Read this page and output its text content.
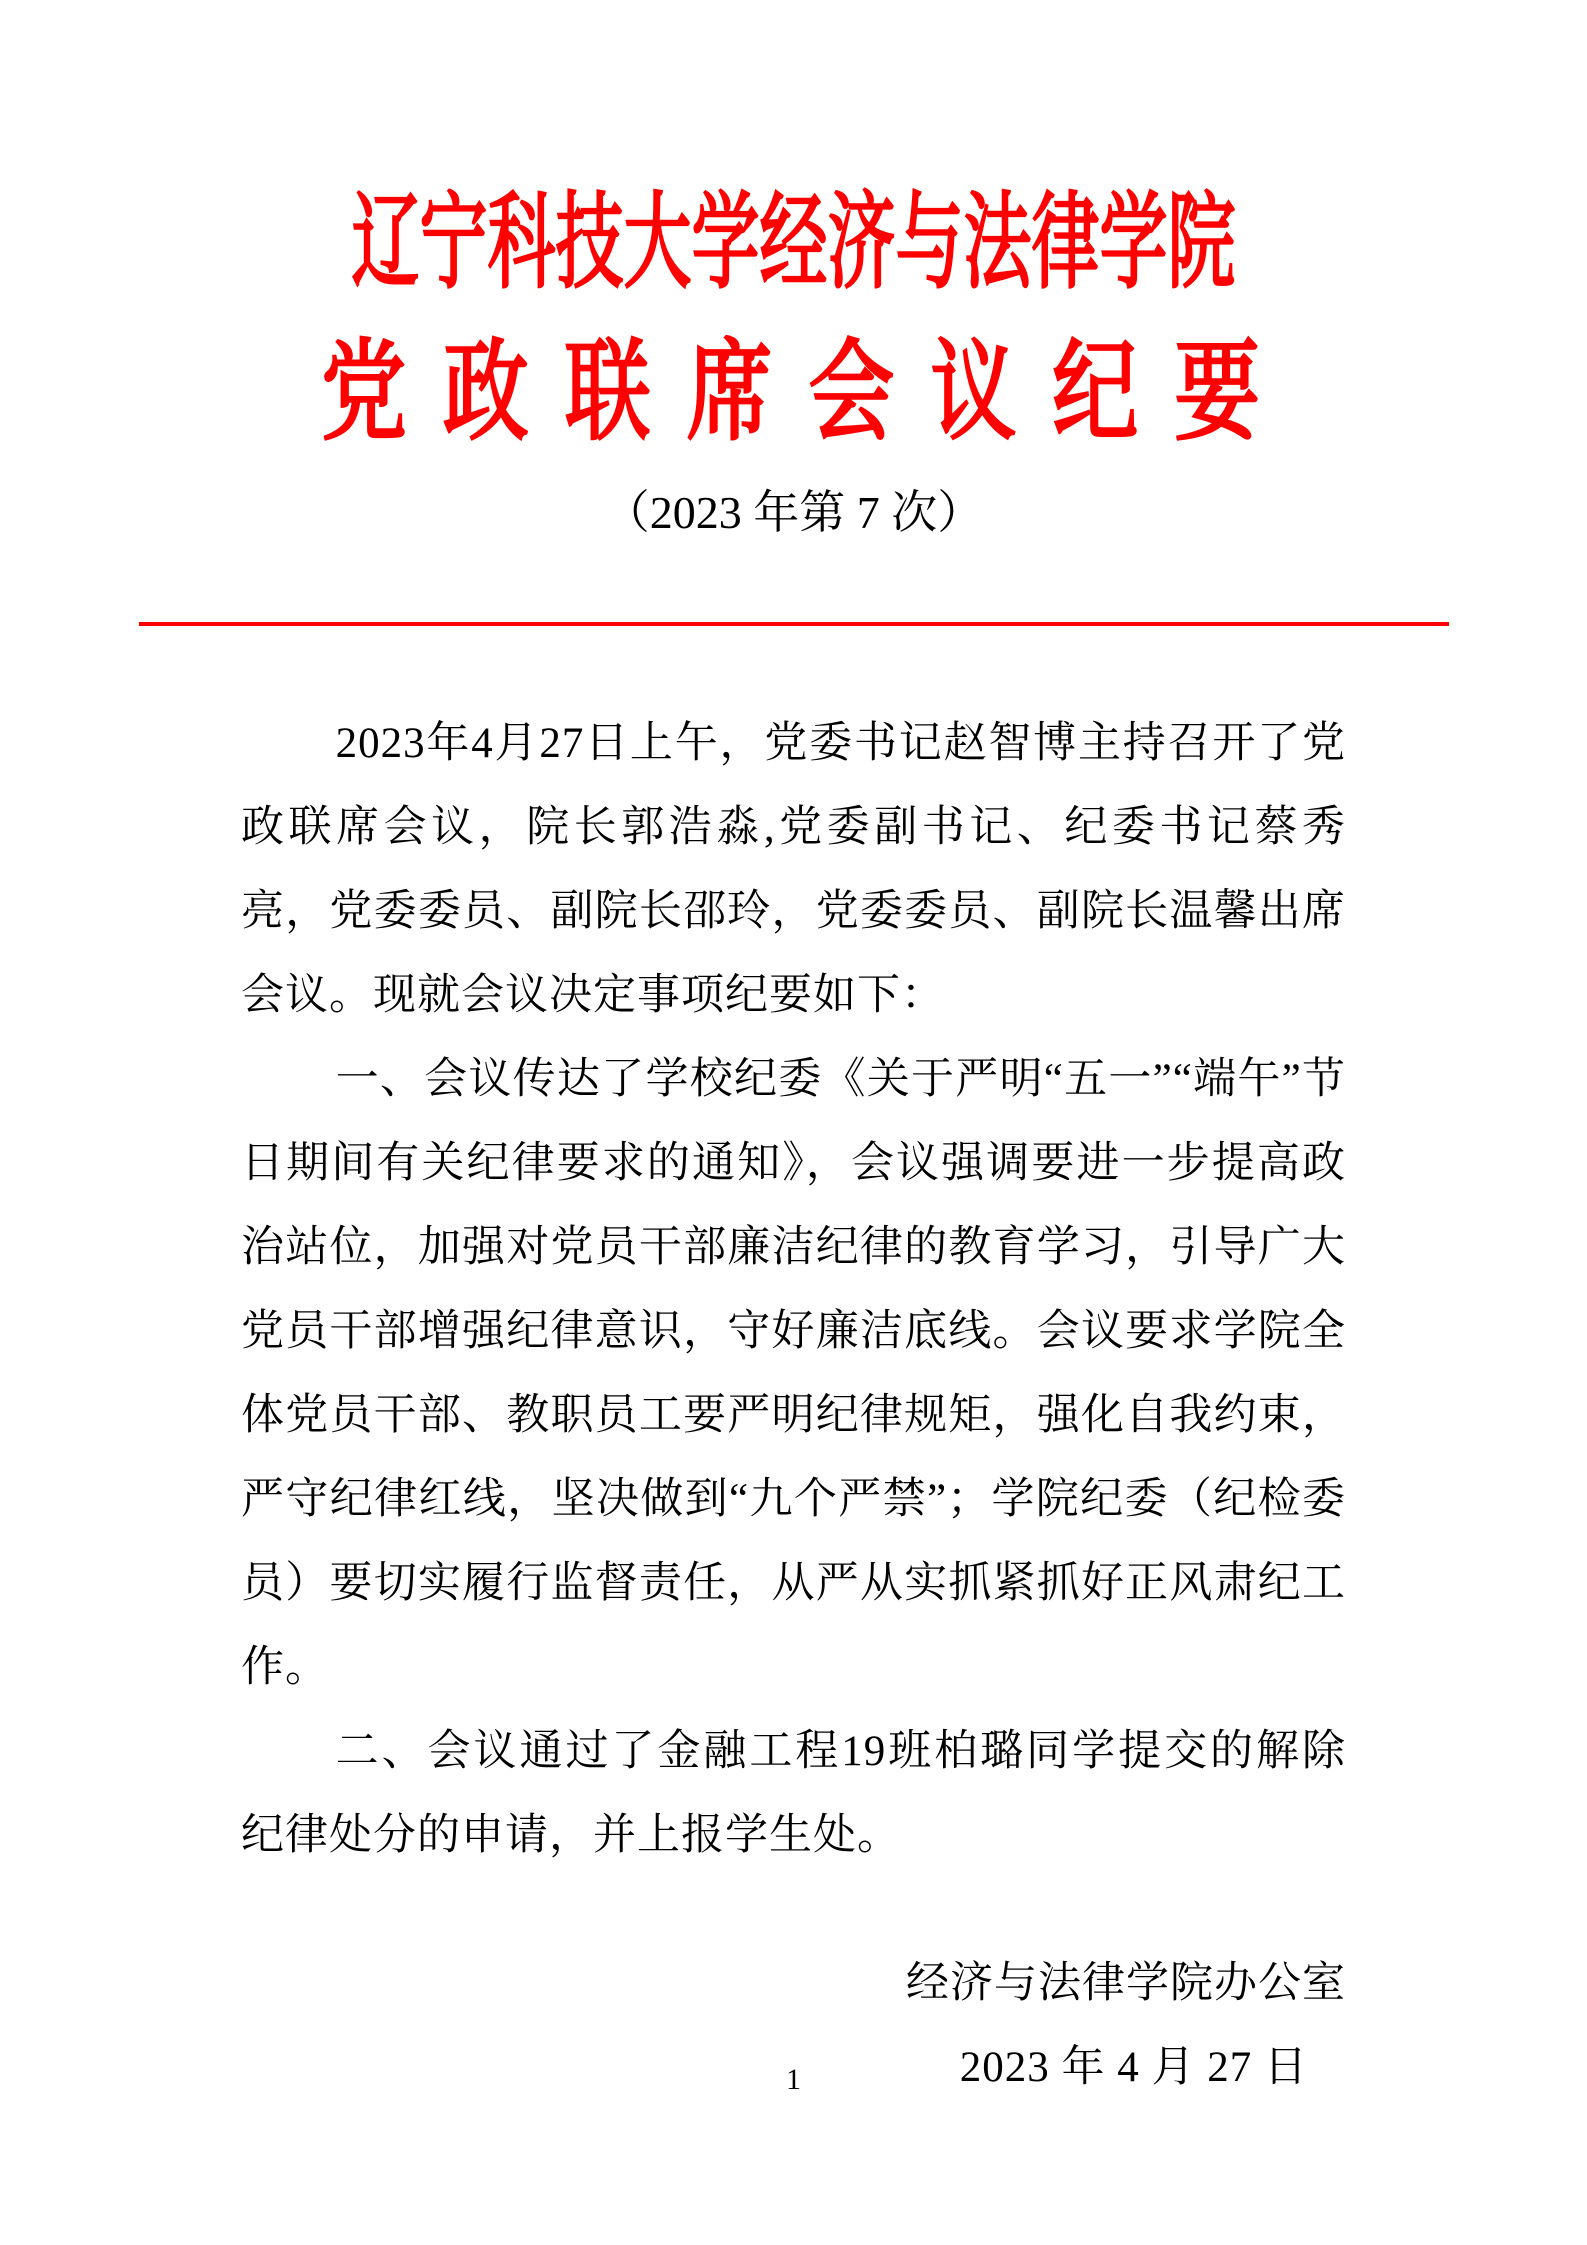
辽宁科技大学经济与法律学院
党 政 联 席 会 议 纪 要
（2023 年第 7 次）

2023年4月27日上午，党委书记赵智博主持召开了党政联席会议，院长郭浩淼,党委副书记、纪委书记蔡秀亮，党委委员、副院长邵玲，党委委员、副院长温馨出席会议。现就会议决定事项纪要如下：

一、会议传达了学校纪委《关于严明“五一”“端午”节日期间有关纪律要求的通知》，会议强调要进一步提高政治站位，加强对党员干部廉洁纪律的教育学习，引导广大党员干部增强纪律意识，守好廉洁底线。会议要求学院全体党员干部、教职员工要严明纪律规矩，强化自我约束，严守纪律红线，坚决做到“九个严禁”；学院纪委（纪检委员）要切实履行监督责任，从严从实抓紧抓好正风肃纪工作。

二、会议通过了金融工程19班柏璐同学提交的解除纪律处分的申请，并上报学生处。

经济与法律学院办公室
2023 年 4 月 27 日
1
